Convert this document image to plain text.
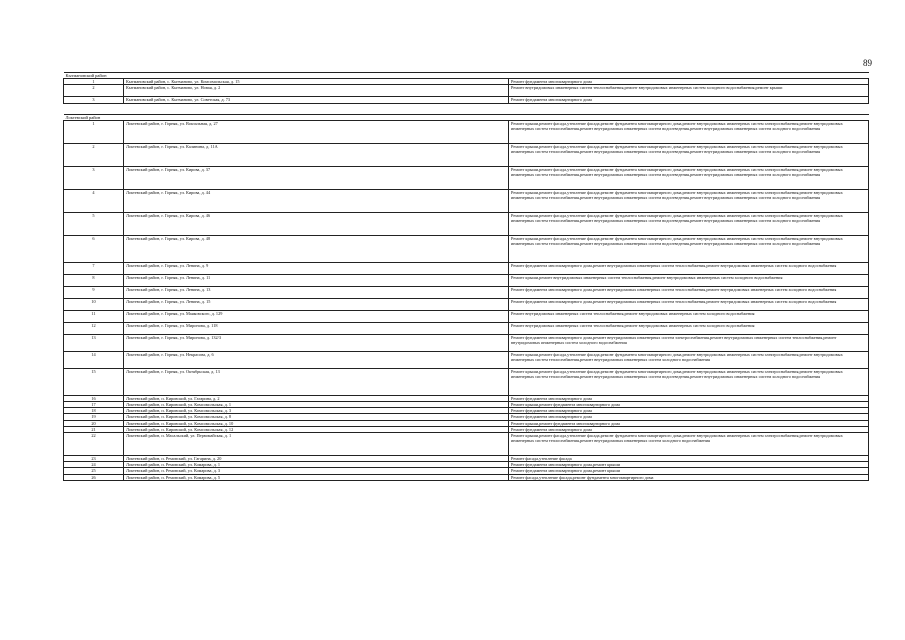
89
Кытмановский район		
1	Кытмановский район, с. Кытманово, ул. Комсомольская, д. 15	Ремонт фундамента многоквартирного дома
2	Кытмановский район, с. Кытманово, ул. Новая, д. 2	Ремонт внутридомовых инженерных систем теплоснабжения,ремонт внутридомовых инженерных систем холодного водоснабжения,ремонт крыши
3	Кытмановский район, с. Кытманово, ул. Советская, д. 73	Ремонт фундамента многоквартирного дома

Локтевский район		
1	Локтевский район, г. Горняк, ул. Вокзальная, д. 27	Ремонт крыши,ремонт фасада,утепление фасада,ремонт фундамента многоквартирного дома,ремонт внутридомовых инженерных систем электроснабжения,ремонт внутридомовых инженерных систем теплоснабжения,ремонт внутридомовых инженерных систем водоотведения,ремонт внутридомовых инженерных систем холодного водоснабжения
2	Локтевский район, г. Горняк, ул. Калинина, д. 11А	Ремонт крыши,ремонт фасада,утепление фасада,ремонт фундамента многоквартирного дома,ремонт внутридомовых инженерных систем электроснабжения,ремонт внутридомовых инженерных систем теплоснабжения,ремонт внутридомовых инженерных систем водоотведения,ремонт внутридомовых инженерных систем холодного водоснабжения
3	Локтевский район, г. Горняк, ул. Кирова, д. 37	Ремонт крыши,ремонт фасада,утепление фасада,ремонт фундамента многоквартирного дома,ремонт внутридомовых инженерных систем электроснабжения,ремонт внутридомовых инженерных систем теплоснабжения,ремонт внутридомовых инженерных систем водоотведения,ремонт внутридомовых инженерных систем холодного водоснабжения
4	Локтевский район, г. Горняк, ул. Кирова, д. 44	Ремонт крыши,ремонт фасада,утепление фасада,ремонт фундамента многоквартирного дома,ремонт внутридомовых инженерных систем электроснабжения,ремонт внутридомовых инженерных систем теплоснабжения,ремонт внутридомовых инженерных систем водоотведения,ремонт внутридомовых инженерных систем холодного водоснабжения
5	Локтевский район, г. Горняк, ул. Кирова, д. 46	Ремонт крыши,ремонт фасада,утепление фасада,ремонт фундамента многоквартирного дома,ремонт внутридомовых инженерных систем электроснабжения,ремонт внутридомовых инженерных систем теплоснабжения,ремонт внутридомовых инженерных систем водоотведения,ремонт внутридомовых инженерных систем холодного водоснабжения
6	Локтевский район, г. Горняк, ул. Кирова, д. 48	Ремонт крыши,ремонт фасада,утепление фасада,ремонт фундамента многоквартирного дома,ремонт внутридомовых инженерных систем электроснабжения,ремонт внутридомовых инженерных систем теплоснабжения,ремонт внутридомовых инженерных систем водоотведения,ремонт внутридомовых инженерных систем холодного водоснабжения
7	Локтевский район, г. Горняк, ул. Ленина, д. 9	Ремонт фундамента многоквартирного дома,ремонт внутридомовых инженерных систем теплоснабжения,ремонт внутридомовых инженерных систем холодного водоснабжения
8	Локтевский район, г. Горняк, ул. Ленина, д. 11	Ремонт крыши,ремонт внутридомовых инженерных систем теплоснабжения,ремонт внутридомовых инженерных систем холодного водоснабжения
9	Локтевский район, г. Горняк, ул. Ленина, д. 13	Ремонт фундамента многоквартирного дома,ремонт внутридомовых инженерных систем теплоснабжения,ремонт внутридомовых инженерных систем холодного водоснабжения
10	Локтевский район, г. Горняк, ул. Ленина, д. 15	Ремонт фундамента многоквартирного дома,ремонт внутридомовых инженерных систем теплоснабжения,ремонт внутридомовых инженерных систем холодного водоснабжения
11	Локтевский район, г. Горняк, ул. Маяковского, д. 129	Ремонт внутридомовых инженерных систем теплоснабжения,ремонт внутридомовых инженерных систем холодного водоснабжения
12	Локтевский район, г. Горняк, ул. Миронова, д. 118	Ремонт внутридомовых инженерных систем теплоснабжения,ремонт внутридомовых инженерных систем холодного водоснабжения
13	Локтевский район, г. Горняк, ул. Миронова, д. 132/3	Ремонт фундамента многоквартирного дома,ремонт внутридомовых инженерных систем электроснабжения,ремонт внутридомовых инженерных систем теплоснабжения,ремонт внутридомовых инженерных систем холодного водоснабжения
14	Локтевский район, г. Горняк, ул. Некрасова, д. 6	Ремонт крыши,ремонт фасада,утепление фасада,ремонт фундамента многоквартирного дома,ремонт внутридомовых инженерных систем электроснабжения,ремонт внутридомовых инженерных систем теплоснабжения,ремонт внутридомовых инженерных систем холодного водоснабжения
15	Локтевский район, г. Горняк, ул. Октябрьская, д. 13	Ремонт крыши,ремонт фасада,утепление фасада,ремонт фундамента многоквартирного дома,ремонт внутридомовых инженерных систем электроснабжения,ремонт внутридомовых инженерных систем теплоснабжения,ремонт внутридомовых инженерных систем водоотведения,ремонт внутридомовых инженерных систем холодного водоснабжения
16	Локтевский район, п. Кировский, ул. Гагарина, д. 2	Ремонт фундамента многоквартирного дома
17	Локтевский район, п. Кировский, ул. Комсомольская, д. 1	Ремонт крыши,ремонт фундамента многоквартирного дома
18	Локтевский район, п. Кировский, ул. Комсомольская, д. 3	Ремонт фундамента многоквартирного дома
19	Локтевский район, п. Кировский, ул. Комсомольская, д. 8	Ремонт фундамента многоквартирного дома
20	Локтевский район, п. Кировский, ул. Комсомольская, д. 10	Ремонт крыши,ремонт фундамента многоквартирного дома
21	Локтевский район, п. Кировский, ул. Комсомольская, д. 12	Ремонт фундамента многоквартирного дома
22	Локтевский район, п. Масальский, ул. Первомайская, д. 1	Ремонт крыши,ремонт фасада,утепление фасада,ремонт фундамента многоквартирного дома,ремонт внутридомовых инженерных систем электроснабжения,ремонт внутридомовых инженерных систем теплоснабжения,ремонт внутридомовых инженерных систем холодного водоснабжения
23	Локтевский район, п. Ремовский, ул. Гагарина, д. 20	Ремонт фасада,утепление фасада
24	Локтевский район, п. Ремовский, ул. Комарова, д. 1	Ремонт фундамента многоквартирного дома,ремонт крыши
25	Локтевский район, п. Ремовский, ул. Комарова, д. 3	Ремонт фундамента многоквартирного дома,ремонт крыши
26	Локтевский район, п. Ремовский, ул. Комарова, д. 5	Ремонт фасада,утепление фасада,ремонт фундамента многоквартирного дома
